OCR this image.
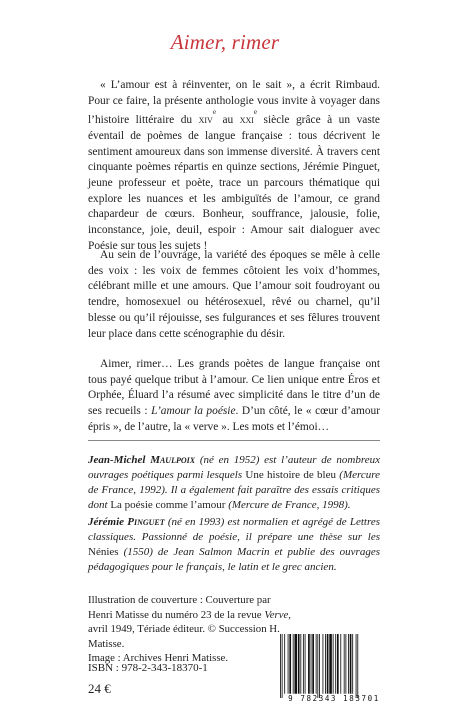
Aimer, rimer
« L’amour est à réinventer, on le sait », a écrit Rimbaud. Pour ce faire, la présente anthologie vous invite à voyager dans l’histoire littéraire du xiv$^e$ au xxi$^e$ siècle grâce à un vaste éventail de poèmes de langue française : tous décrivent le sentiment amoureux dans son immense diversité. À travers cent cinquante poèmes répartis en quinze sections, Jérémie Pinguet, jeune professeur et poète, trace un parcours thématique qui explore les nuances et les ambiguïtés de l’amour, ce grand chapardeur de cœurs. Bonheur, souffrance, jalousie, folie, inconstance, joie, deuil, espoir : Amour sait dialoguer avec Poésie sur tous les sujets !
Au sein de l’ouvrage, la variété des époques se mêle à celle des voix : les voix de femmes côtoient les voix d’hommes, célébrant mille et une amours. Que l’amour soit foudroyant ou tendre, homosexuel ou hétérosexuel, rêvé ou charnel, qu’il blesse ou qu’il réjouisse, ses fulgurances et ses fêlures trouvent leur place dans cette scénographie du désir.
Aimer, rimer… Les grands poètes de langue française ont tous payé quelque tribut à l’amour. Ce lien unique entre Éros et Orphée, Éluard l’a résumé avec simplicité dans le titre d’un de ses recueils : L’amour la poésie. D’un côté, le « cœur d’amour épris », de l’autre, la « verve ». Les mots et l’émoi…
Jean-Michel Maulpoix (né en 1952) est l’auteur de nombreux ouvrages poétiques parmi lesquels Une histoire de bleu (Mercure de France, 1992). Il a également fait paraître des essais critiques dont La poésie comme l’amour (Mercure de France, 1998).
Jérémie Pinguet (né en 1993) est normalien et agrégé de Lettres classiques. Passionné de poésie, il prépare une thèse sur les Nénies (1550) de Jean Salmon Macrin et publie des ouvrages pédagogiques pour le français, le latin et le grec ancien.
Illustration de couverture : Couverture par
Henri Matisse du numéro 23 de la revue Verve,
avril 1949, Tériade éditeur. © Succession H. Matisse.
Image : Archives Henri Matisse.
ISBN : 978-2-343-18370-1
24 €
9 782343 183701
